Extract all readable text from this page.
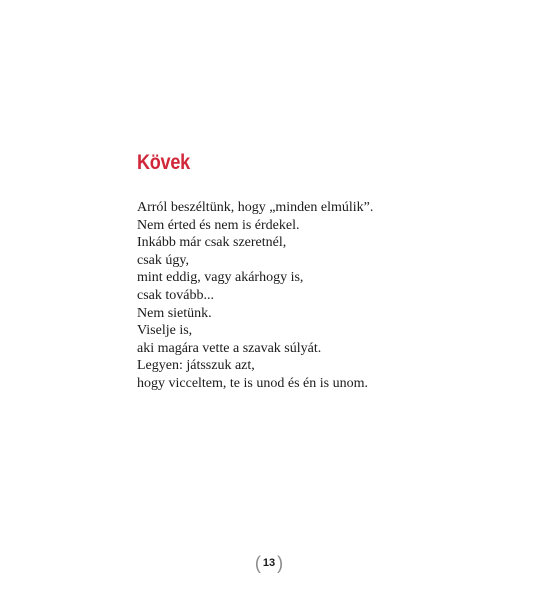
Kövek
Arról beszéltünk, hogy „minden elmúlik”.
Nem érted és nem is érdekel.
Inkább már csak szeretnél,
csak úgy,
mint eddig, vagy akárhogy is,
csak tovább...
Nem sietünk.
Viselje is,
aki magára vette a szavak súlyát.
Legyen: játsszuk azt,
hogy vicceltem, te is unod és én is unom.
( 13 )
